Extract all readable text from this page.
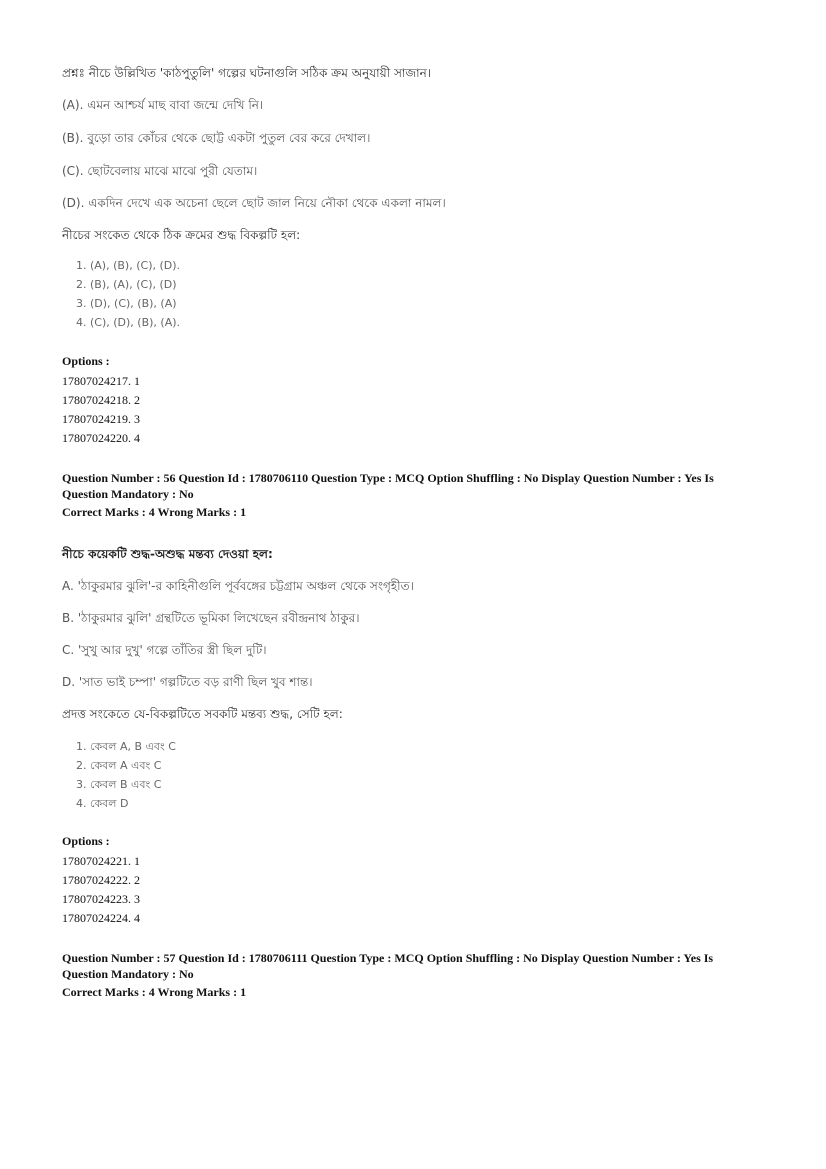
প্রশ্নঃ নীচে উল্লিখিত 'কাঠপুতুলি' গল্পের ঘটনাগুলি সঠিক ক্রম অনুযায়ী সাজান।
(A). এমন আশ্চর্য মাছ বাবা জন্মে দেখি নি।
(B). বুড়ো তার কোঁচর থেকে ছোট্ট একটা পুতুল বের করে দেখাল।
(C). ছোটবেলায় মাঝে মাঝে পুরী যেতাম।
(D). একদিন দেখে এক অচেনা ছেলে ছোট জাল নিয়ে নৌকা থেকে একলা নামল।
নীচের সংকেত থেকে ঠিক ক্রমের শুদ্ধ বিকল্পটি হল:
1. (A), (B), (C), (D).
2. (B), (A), (C), (D)
3. (D), (C), (B), (A)
4. (C), (D), (B), (A).
Options :
17807024217. 1
17807024218. 2
17807024219. 3
17807024220. 4
Question Number : 56 Question Id : 1780706110 Question Type : MCQ Option Shuffling : No Display Question Number : Yes Is Question Mandatory : No
Correct Marks : 4 Wrong Marks : 1
নীচে কয়েকটি শুদ্ধ-অশুদ্ধ মন্তব্য দেওয়া হল:
A. 'ঠাকুরমার ঝুলি'-র কাহিনীগুলি পূর্ববঙ্গের চট্টগ্রাম অঞ্চল থেকে সংগৃহীত।
B. 'ঠাকুরমার ঝুলি' গ্রন্থটিতে ভূমিকা লিখেছেন রবীন্দ্রনাথ ঠাকুর।
C. 'সুখু আর দুখু' গল্পে তাঁতির স্ত্রী ছিল দুটি।
D. 'সাত ভাই চম্পা' গল্পটিতে বড় রাণী ছিল খুব শান্ত।
প্রদত্ত সংকেতে যে-বিকল্পটিতে সবকটি মন্তব্য শুদ্ধ, সেটি হল:
1. কেবল A, B এবং C
2. কেবল A এবং C
3. কেবল B এবং C
4. কেবল D
Options :
17807024221. 1
17807024222. 2
17807024223. 3
17807024224. 4
Question Number : 57 Question Id : 1780706111 Question Type : MCQ Option Shuffling : No Display Question Number : Yes Is Question Mandatory : No
Correct Marks : 4 Wrong Marks : 1
